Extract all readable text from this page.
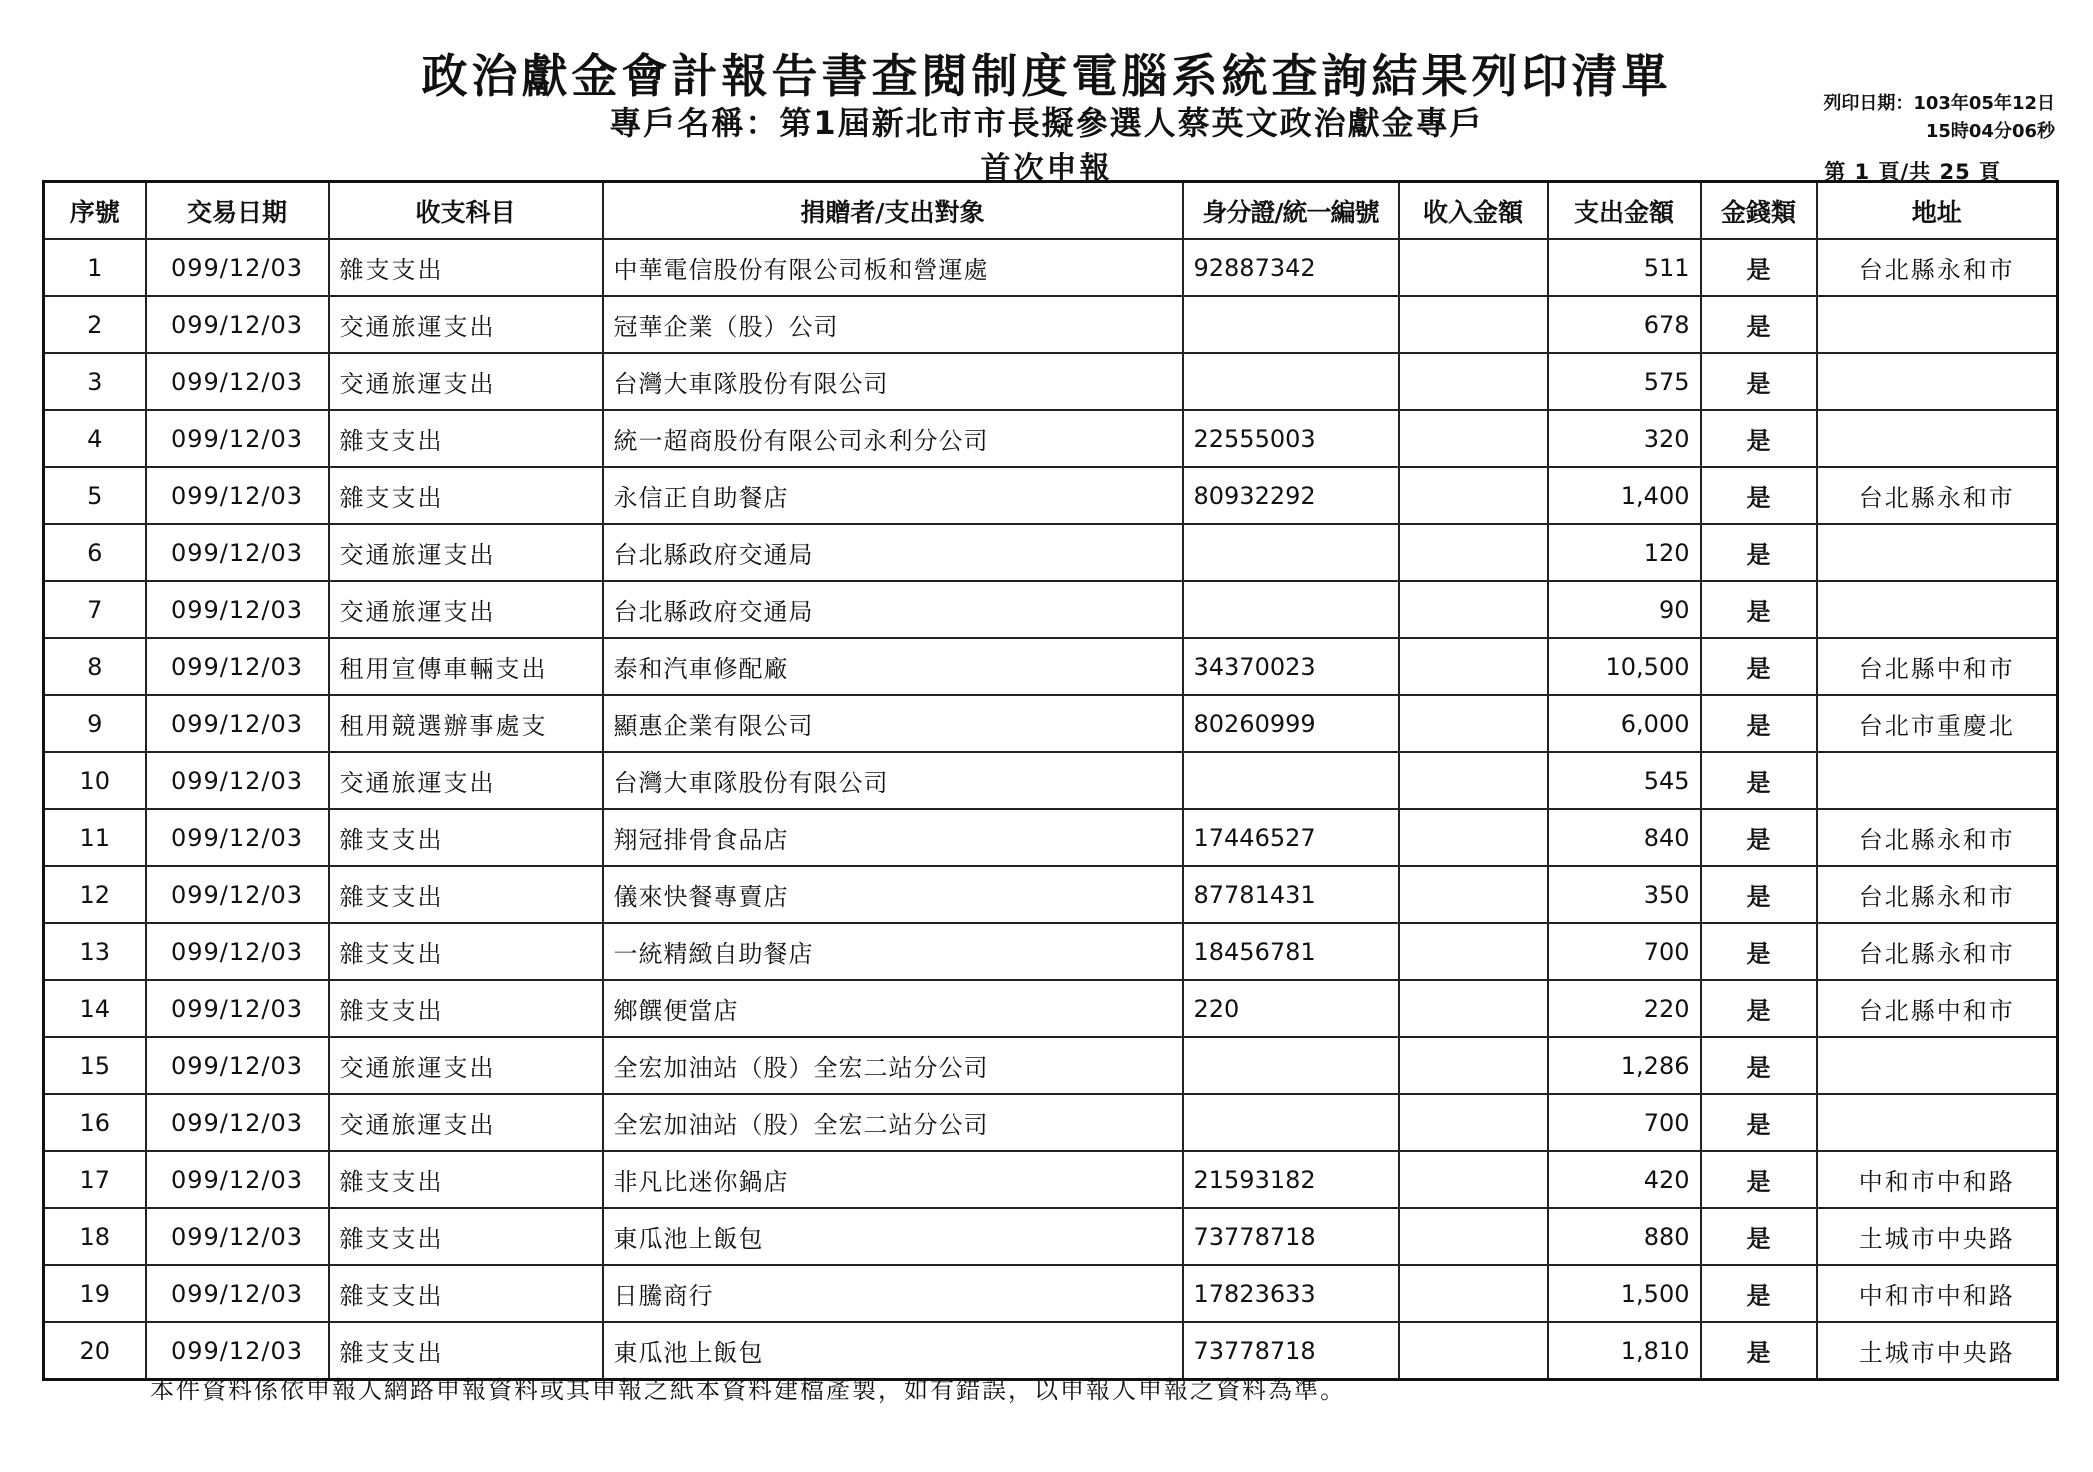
政治獻金會計報告書查閱制度電腦系統查詢結果列印清單
專戶名稱：第1屆新北市市長擬參選人蔡英文政治獻金專戶
首次申報
列印日期：103年05年12日
15時04分06秒
第 1 頁/共 25 頁
序號	交易日期	收支科目	捐贈者/支出對象	身分證/統一編號	收入金額	支出金額	金錢類	地址
1	099/12/03	雜支支出	中華電信股份有限公司板和營運處	92887342		511	是	台北縣永和市
2	099/12/03	交通旅運支出	冠華企業（股）公司			678	是	
3	099/12/03	交通旅運支出	台灣大車隊股份有限公司			575	是	
4	099/12/03	雜支支出	統一超商股份有限公司永利分公司	22555003		320	是	
5	099/12/03	雜支支出	永信正自助餐店	80932292		1,400	是	台北縣永和市
6	099/12/03	交通旅運支出	台北縣政府交通局			120	是	
7	099/12/03	交通旅運支出	台北縣政府交通局			90	是	
8	099/12/03	租用宣傳車輛支出	泰和汽車修配廠	34370023		10,500	是	台北縣中和市
9	099/12/03	租用競選辦事處支	顯惠企業有限公司	80260999		6,000	是	台北市重慶北
10	099/12/03	交通旅運支出	台灣大車隊股份有限公司			545	是	
11	099/12/03	雜支支出	翔冠排骨食品店	17446527		840	是	台北縣永和市
12	099/12/03	雜支支出	儀來快餐專賣店	87781431		350	是	台北縣永和市
13	099/12/03	雜支支出	一統精緻自助餐店	18456781		700	是	台北縣永和市
14	099/12/03	雜支支出	鄉饌便當店	220		220	是	台北縣中和市
15	099/12/03	交通旅運支出	全宏加油站（股）全宏二站分公司			1,286	是	
16	099/12/03	交通旅運支出	全宏加油站（股）全宏二站分公司			700	是	
17	099/12/03	雜支支出	非凡比迷你鍋店	21593182		420	是	中和市中和路
18	099/12/03	雜支支出	東瓜池上飯包	73778718		880	是	土城市中央路
19	099/12/03	雜支支出	日騰商行	17823633		1,500	是	中和市中和路
20	099/12/03	雜支支出	東瓜池上飯包	73778718		1,810	是	土城市中央路
本件資料係依申報人網路申報資料或其申報之紙本資料建檔產製，如有錯誤，以申報人申報之資料為準。
